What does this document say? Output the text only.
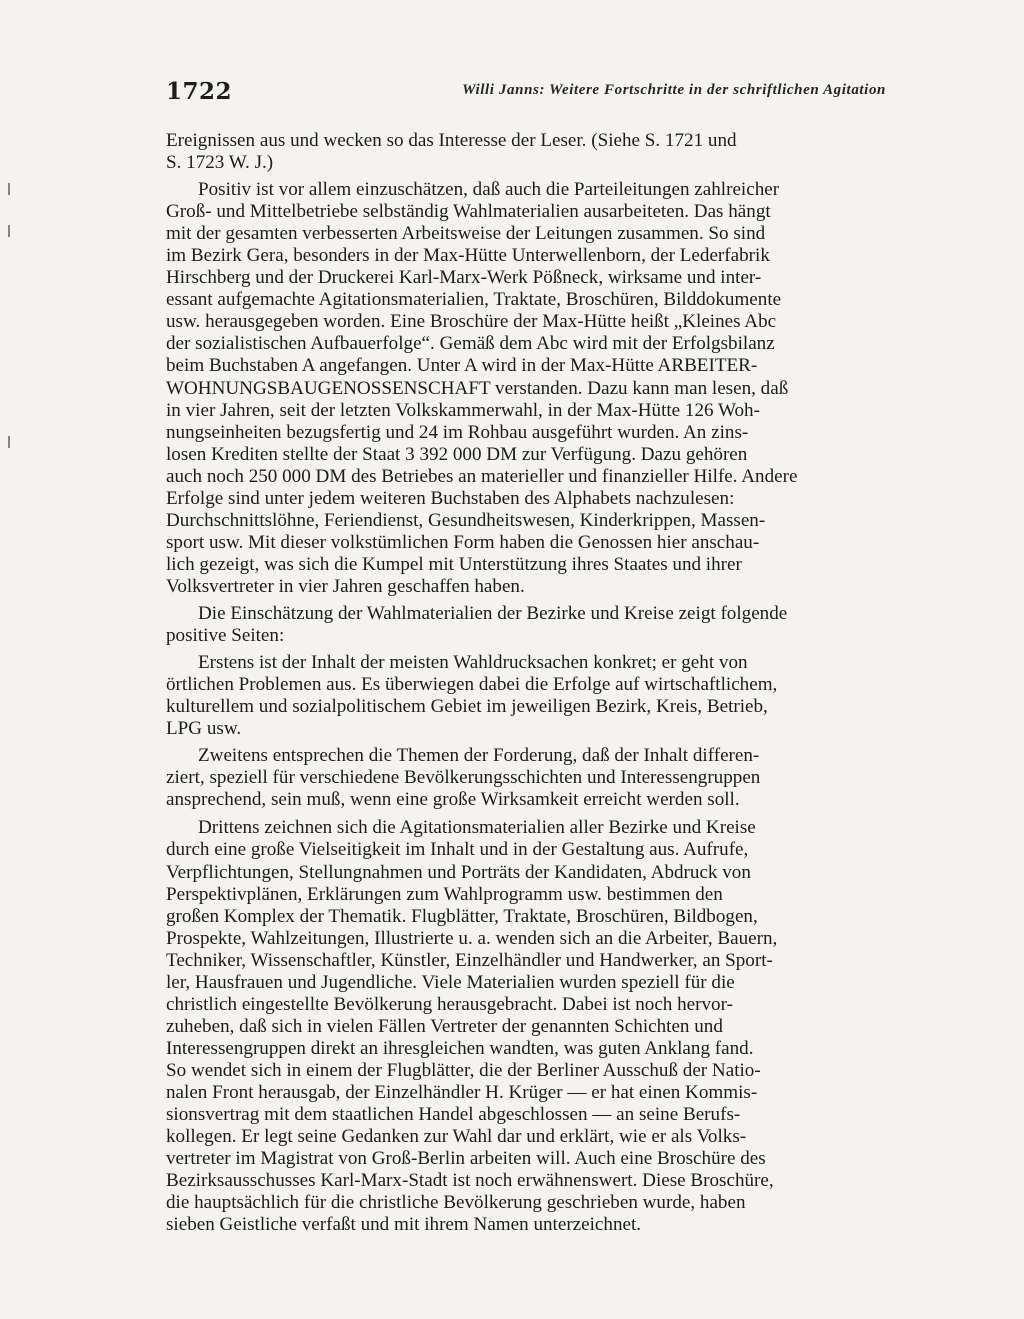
1722	Willi Janns: Weitere Fortschritte in der schriftlichen Agitation

Ereignissen aus und wecken so das Interesse der Leser. (Siehe S. 1721 und
S. 1723 W. J.)

Positiv ist vor allem einzuschätzen, daß auch die Parteileitungen zahlreicher
Groß- und Mittelbetriebe selbständig Wahlmaterialien ausarbeiteten. Das hängt
mit der gesamten verbesserten Arbeitsweise der Leitungen zusammen. So sind
im Bezirk Gera, besonders in der Max-Hütte Unterwellenborn, der Lederfabrik
Hirschberg und der Druckerei Karl-Marx-Werk Pößneck, wirksame und inter-
essant aufgemachte Agitationsmaterialien, Traktate, Broschüren, Bilddokumente
usw. herausgegeben worden. Eine Broschüre der Max-Hütte heißt „Kleines Abc
der sozialistischen Aufbauerfolge“. Gemäß dem Abc wird mit der Erfolgsbilanz
beim Buchstaben A angefangen. Unter A wird in der Max-Hütte ARBEITER-
WOHNUNGSBAUGENOSSENSCHAFT verstanden. Dazu kann man lesen, daß
in vier Jahren, seit der letzten Volkskammerwahl, in der Max-Hütte 126 Woh-
nungseinheiten bezugsfertig und 24 im Rohbau ausgeführt wurden. An zins-
losen Krediten stellte der Staat 3 392 000 DM zur Verfügung. Dazu gehören
auch noch 250 000 DM des Betriebes an materieller und finanzieller Hilfe. Andere
Erfolge sind unter jedem weiteren Buchstaben des Alphabets nachzulesen:
Durchschnittslöhne, Feriendienst, Gesundheitswesen, Kinderkrippen, Massen-
sport usw. Mit dieser volkstümlichen Form haben die Genossen hier anschau-
lich gezeigt, was sich die Kumpel mit Unterstützung ihres Staates und ihrer
Volksvertreter in vier Jahren geschaffen haben.

Die Einschätzung der Wahlmaterialien der Bezirke und Kreise zeigt folgende
positive Seiten:

Erstens ist der Inhalt der meisten Wahldrucksachen konkret; er geht von
örtlichen Problemen aus. Es überwiegen dabei die Erfolge auf wirtschaftlichem,
kulturellem und sozialpolitischem Gebiet im jeweiligen Bezirk, Kreis, Betrieb,
LPG usw.

Zweitens entsprechen die Themen der Forderung, daß der Inhalt differen-
ziert, speziell für verschiedene Bevölkerungsschichten und Interessengruppen
ansprechend, sein muß, wenn eine große Wirksamkeit erreicht werden soll.

Drittens zeichnen sich die Agitationsmaterialien aller Bezirke und Kreise
durch eine große Vielseitigkeit im Inhalt und in der Gestaltung aus. Aufrufe,
Verpflichtungen, Stellungnahmen und Porträts der Kandidaten, Abdruck von
Perspektivplänen, Erklärungen zum Wahlprogramm usw. bestimmen den
großen Komplex der Thematik. Flugblätter, Traktate, Broschüren, Bildbogen,
Prospekte, Wahlzeitungen, Illustrierte u. a. wenden sich an die Arbeiter, Bauern,
Techniker, Wissenschaftler, Künstler, Einzelhändler und Handwerker, an Sport-
ler, Hausfrauen und Jugendliche. Viele Materialien wurden speziell für die
christlich eingestellte Bevölkerung herausgebracht. Dabei ist noch hervor-
zuheben, daß sich in vielen Fällen Vertreter der genannten Schichten und
Interessengruppen direkt an ihresgleichen wandten, was guten Anklang fand.
So wendet sich in einem der Flugblätter, die der Berliner Ausschuß der Natio-
nalen Front herausgab, der Einzelhändler H. Krüger — er hat einen Kommis-
sionsvertrag mit dem staatlichen Handel abgeschlossen — an seine Berufs-
kollegen. Er legt seine Gedanken zur Wahl dar und erklärt, wie er als Volks-
vertreter im Magistrat von Groß-Berlin arbeiten will. Auch eine Broschüre des
Bezirksausschusses Karl-Marx-Stadt ist noch erwähnenswert. Diese Broschüre,
die hauptsächlich für die christliche Bevölkerung geschrieben wurde, haben
sieben Geistliche verfaßt und mit ihrem Namen unterzeichnet.
